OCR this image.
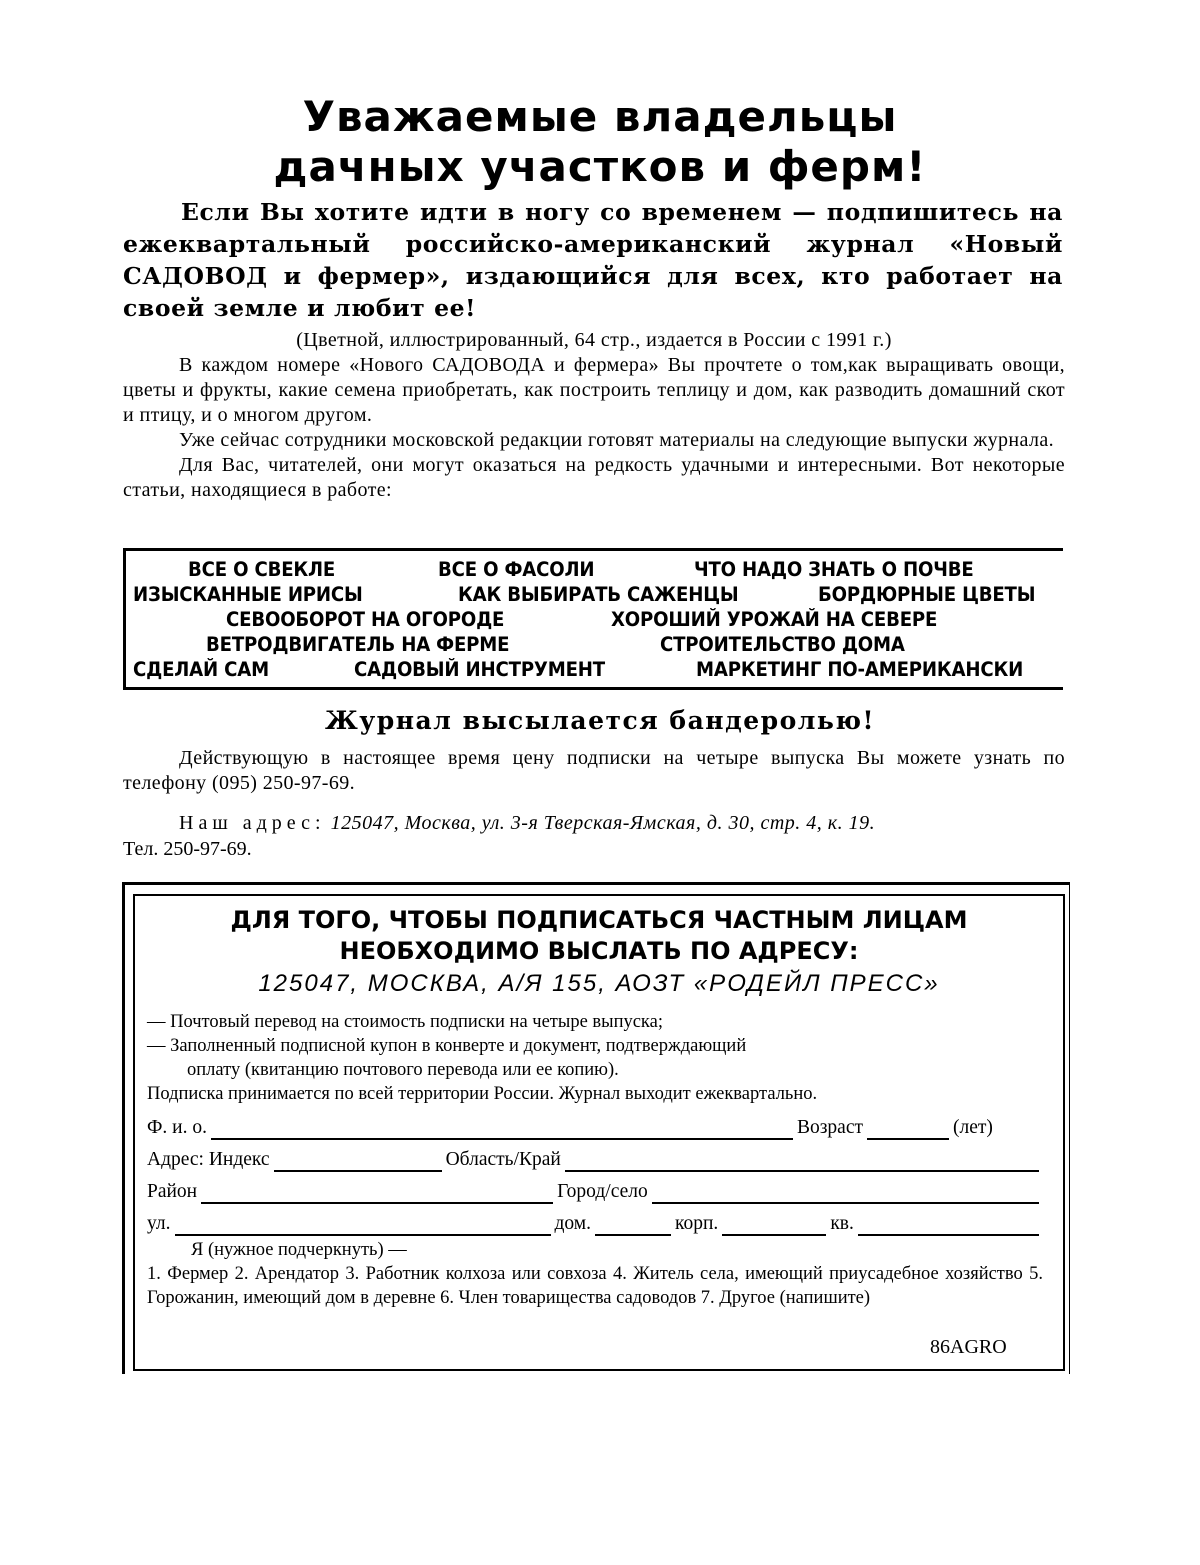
Уважаемые владельцы
дачных участков и ферм!
Если Вы хотите идти в ногу со временем — подпишитесь на ежеквартальный российско-американский журнал «Новый САДОВОД и фермер», издающийся для всех, кто работает на своей земле и любит ее!

(Цветной, иллюстрированный, 64 стр., издается в России с 1991 г.)

В каждом номере «Нового САДОВОДА и фермера» Вы прочтете о том,как выращивать овощи, цветы и фрукты, какие семена приобретать, как построить теплицу и дом, как разводить домашний скот и птицу, и о многом другом.

Уже сейчас сотрудники московской редакции готовят материалы на следующие выпуски журнала.

Для Вас, читателей, они могут оказаться на редкость удачными и интересными. Вот некоторые статьи, находящиеся в работе:

ВСЕ О СВЕКЛЕ	ВСЕ О ФАСОЛИ	ЧТО НАДО ЗНАТЬ О ПОЧВЕ
ИЗЫСКАННЫЕ ИРИСЫ	КАК ВЫБИРАТЬ САЖЕНЦЫ	БОРДЮРНЫЕ ЦВЕТЫ
СЕВООБОРОТ НА ОГОРОДЕ	ХОРОШИЙ УРОЖАЙ НА СЕВЕРЕ
ВЕТРОДВИГАТЕЛЬ НА ФЕРМЕ	СТРОИТЕЛЬСТВО ДОМА
СДЕЛАЙ САМ	САДОВЫЙ ИНСТРУМЕНТ	МАРКЕТИНГ ПО-АМЕРИКАНСКИ
Журнал высылается бандеролью!
Действующую в настоящее время цену подписки на четыре выпуска Вы можете узнать по телефону (095) 250-97-69.
Наш адрес: 125047, Москва, ул. 3-я Тверская-Ямская, д. 30, стр. 4, к. 19.
Тел. 250-97-69.
ДЛЯ ТОГО, ЧТОБЫ ПОДПИСАТЬСЯ ЧАСТНЫМ ЛИЦАМ
НЕОБХОДИМО ВЫСЛАТЬ ПО АДРЕСУ:
125047, МОСКВА, А/Я 155, АОЗТ «РОДЕЙЛ ПРЕСС»
— Почтовый перевод на стоимость подписки на четыре выпуска;
— Заполненный подписной купон в конверте и документ, подтверждающий
оплату (квитанцию почтового перевода или ее копию).
Подписка принимается по всей территории России. Журнал выходит ежеквартально.
Ф. и. о.	Возраст	(лет)
Адрес: Индекс	Область/Край
Район	Город/село
ул.	дом.	корп.	кв.
Я (нужное подчеркнуть) —
1. Фермер 2. Арендатор 3. Работник колхоза или совхоза 4. Житель села, имеющий приусадебное хозяйство 5. Горожанин, имеющий дом в деревне 6. Член товарищества садоводов 7. Другое (напишите)
86AGRO
